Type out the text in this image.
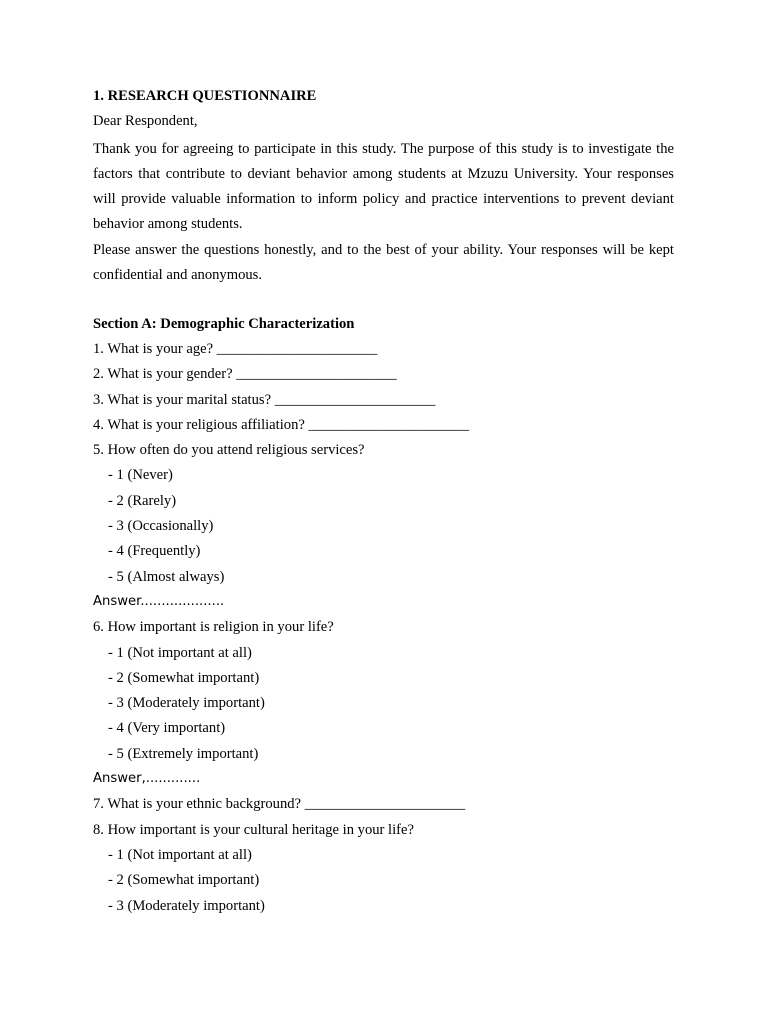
1. RESEARCH QUESTIONNAIRE
Dear Respondent,
Thank you for agreeing to participate in this study. The purpose of this study is to investigate the factors that contribute to deviant behavior among students at Mzuzu University. Your responses will provide valuable information to inform policy and practice interventions to prevent deviant behavior among students.
Please answer the questions honestly, and to the best of your ability. Your responses will be kept confidential and anonymous.
Section A: Demographic Characterization
1. What is your age? ______________________
2. What is your gender? ______________________
3. What is your marital status? ______________________
4. What is your religious affiliation? ______________________
5. How often do you attend religious services?
- 1 (Never)
- 2 (Rarely)
- 3 (Occasionally)
- 4 (Frequently)
- 5 (Almost always)
Answer....................
6. How important is religion in your life?
- 1 (Not important at all)
- 2 (Somewhat important)
- 3 (Moderately important)
- 4 (Very important)
- 5 (Extremely important)
Answer,.............
7. What is your ethnic background? ______________________
8. How important is your cultural heritage in your life?
- 1 (Not important at all)
- 2 (Somewhat important)
- 3 (Moderately important)
